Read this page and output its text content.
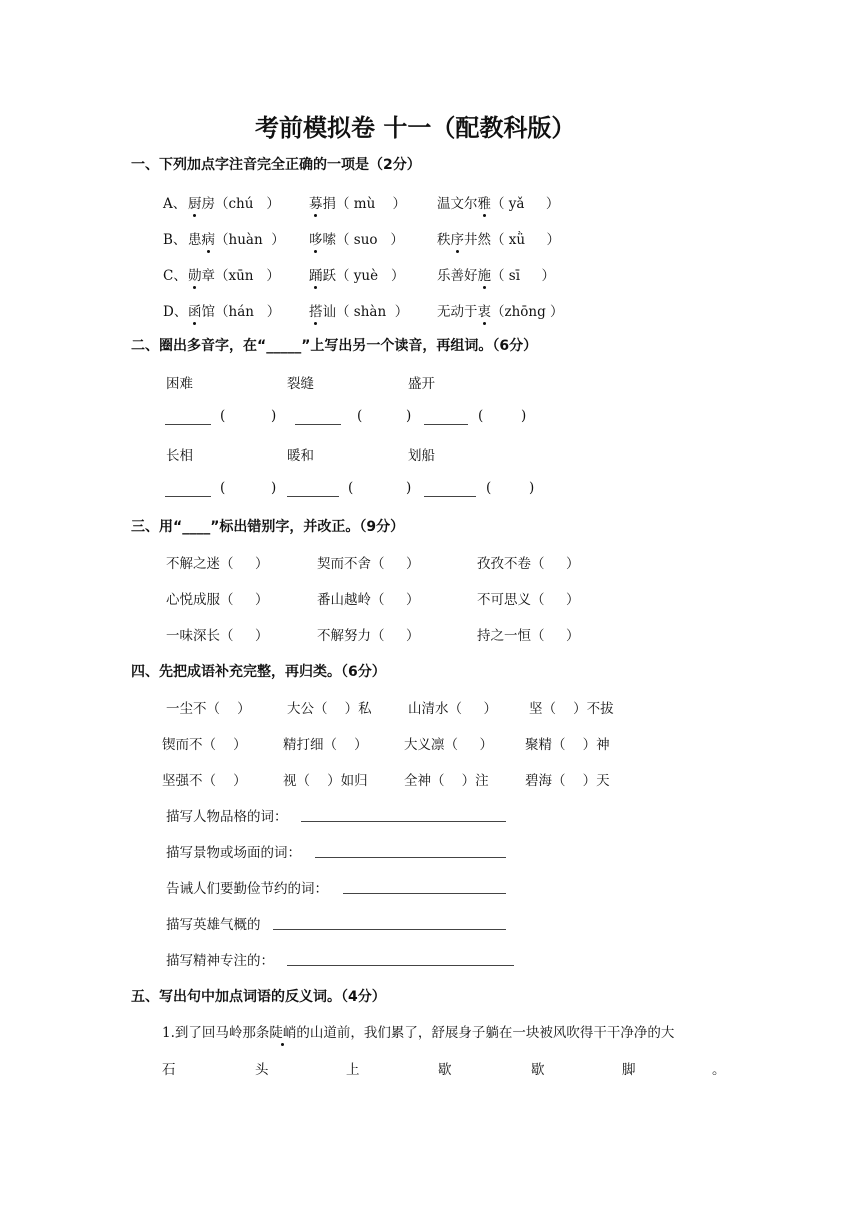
考前模拟卷 十一（配教科版）
一、下列加点字注音完全正确的一项是（2分）
A、 厨房（chú   ） 募捐（ mù    ） 温文尔雅（ yǎ     ）
B、 患病（huàn  ） 哆嗦（ suo   ） 秩序井然（ xǜ     ）
C、 勋章（xūn   ） 踊跃（ yuè   ） 乐善好施（ sī     ）
D、 函馆（hán   ） 搭讪（ shàn  ） 无动于衷（zhōng ）
二、圈出多音字，在“_____”上写出另一个读音，再组词。（6分）
困难	裂缝	盛开
(	)	(	)	(	)
长相	暖和	划船
(	)	(	)	(	)
三、用“____”标出错别字，并改正。（9分）
不解之迷（     ）	契而不舍（     ）	孜孜不卷（     ）
心悦成服（     ）	番山越岭（     ）	不可思义（     ）
一味深长（     ）	不解努力（     ）	持之一恒（     ）
四、先把成语补充完整，再归类。（6分）
一尘不（    ）	大公（    ）私	山清水（     ） 坚（    ）不拔
锲而不（    ）	精打细（    ）	大义凛（     ） 聚精（    ）神
坚强不（    ）	视（    ）如归	全神（    ）注	碧海（    ）天
描写人物品格的词：
描写景物或场面的词：
告诫人们要勤俭节约的词：
描写英雄气概的
描写精神专注的：
五、写出句中加点词语的反义词。（4分）
1.到了回马岭那条陡峭的山道前，我们累了，舒展身子躺在一块被风吹得干干净净的大
石	头	上	歇	歇	脚	。
